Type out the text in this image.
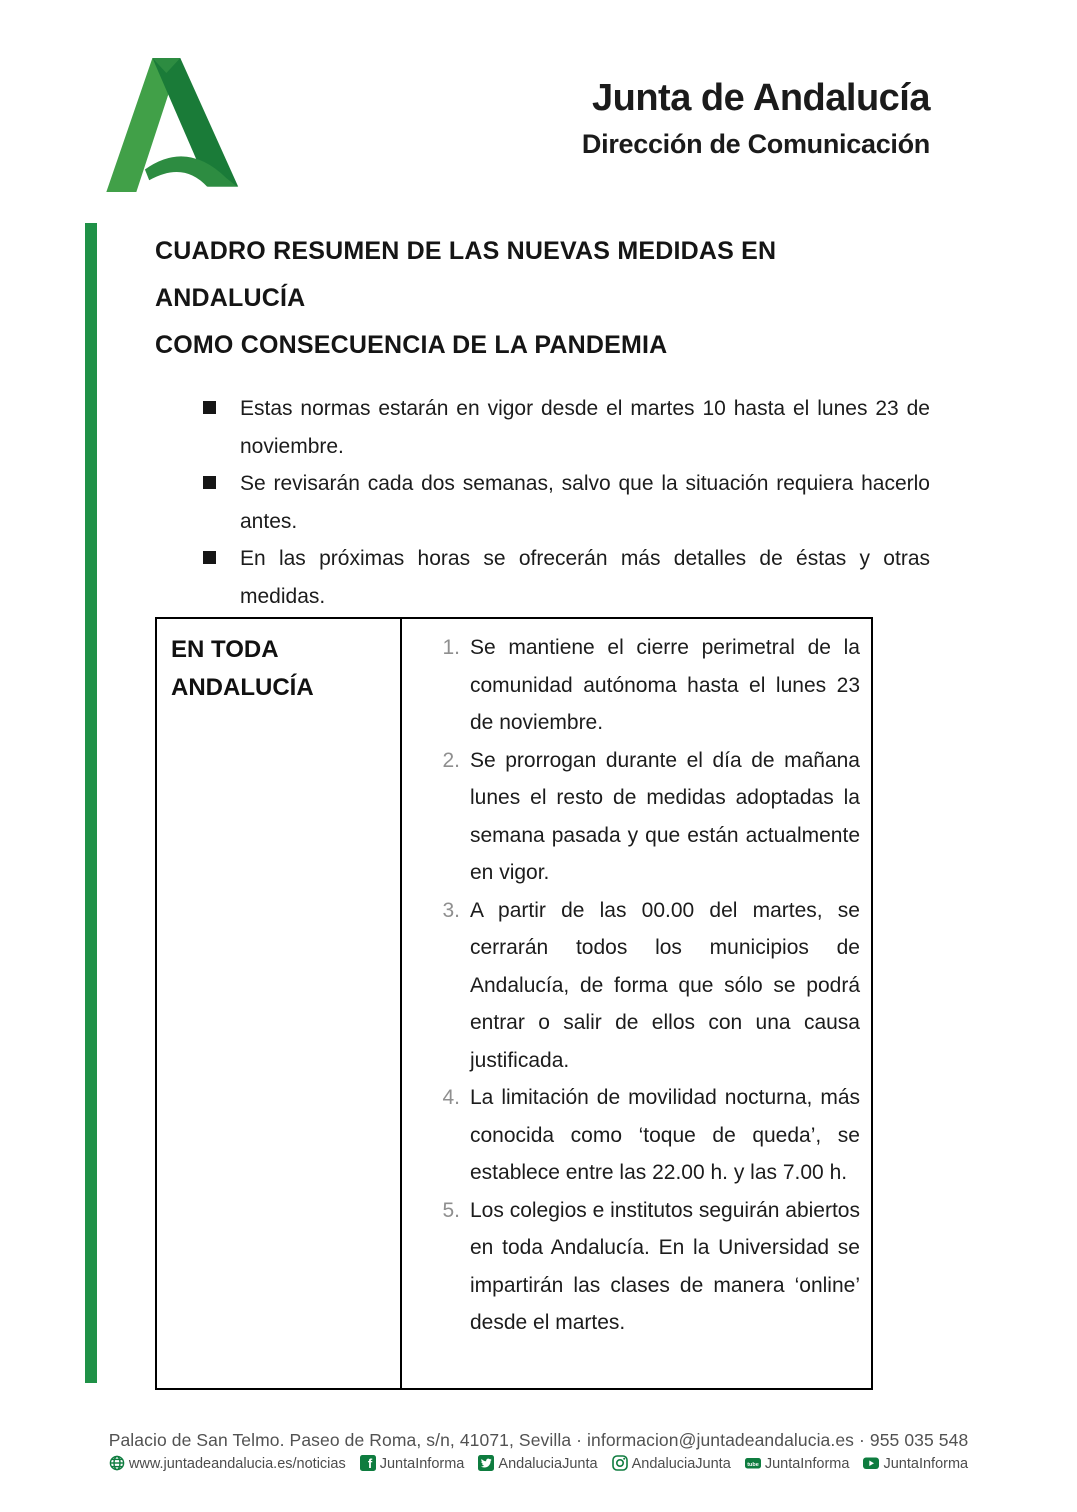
Junta de Andalucía
Dirección de Comunicación
CUADRO RESUMEN DE LAS NUEVAS MEDIDAS EN ANDALUCÍA
COMO CONSECUENCIA DE LA PANDEMIA
Estas normas estarán en vigor desde el martes 10 hasta el lunes 23 de noviembre.
Se revisarán cada dos semanas, salvo que la situación requiera hacerlo antes.
En las próximas horas se ofrecerán más detalles de éstas y otras medidas.
EN TODA
ANDALUCÍA
1. Se mantiene el cierre perimetral de la comunidad autónoma hasta el lunes 23 de noviembre.
2. Se prorrogan durante el día de mañana lunes el resto de medidas adoptadas la semana pasada y que están actualmente en vigor.
3. A partir de las 00.00 del martes, se cerrarán todos los municipios de Andalucía, de forma que sólo se podrá entrar o salir de ellos con una causa justificada.
4. La limitación de movilidad nocturna, más conocida como ‘toque de queda’, se establece entre las 22.00 h. y las 7.00 h.
5. Los colegios e institutos seguirán abiertos en toda Andalucía. En la Universidad se impartirán las clases de manera ‘online’ desde el martes.
Palacio de San Telmo. Paseo de Roma, s/n, 41071, Sevilla · informacion@juntadeandalucia.es · 955 035 548
www.juntadeandalucia.es/noticias f JuntaInforma AndaluciaJunta AndaluciaJunta	tube JuntaInforma JuntaInforma
